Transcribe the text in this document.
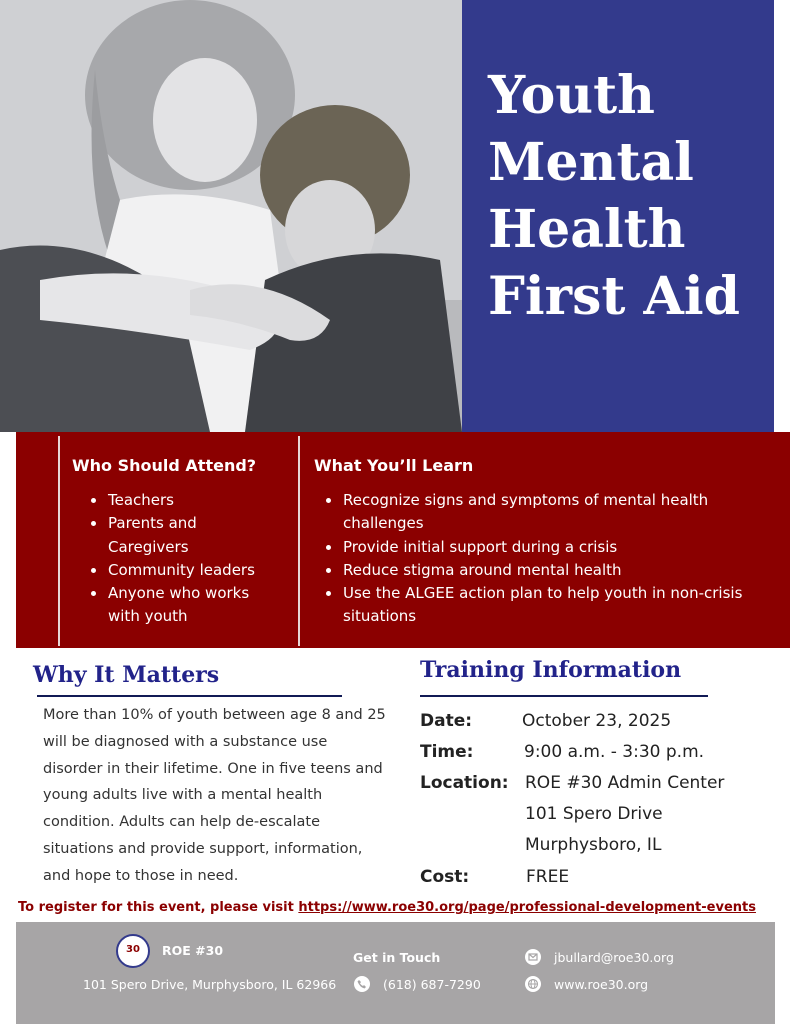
Youth
Mental
Health
First Aid
Who Should Attend?
Teachers
Parents and Caregivers
Community leaders
Anyone who works with youth
What You’ll Learn
Recognize signs and symptoms of mental health challenges
Provide initial support during a crisis
Reduce stigma around mental health
Use the ALGEE action plan to help youth in non-crisis situations
Why It Matters

More than 10% of youth between age 8 and 25 will be diagnosed with a substance use disorder in their lifetime. One in five teens and young adults live with a mental health condition. Adults can help de-escalate situations and provide support, information, and hope to those in need.

Training Information
Date:	October 23, 2025
Time:	9:00 a.m. - 3:30 p.m.
Location: ROE #30 Admin Center
101 Spero Drive
Murphysboro, IL
Cost:	FREE
To register for this event, please visit https://www.roe30.org/page/professional-development-events
30	ROE #30
101 Spero Drive, Murphysboro, IL 62966
Get in Touch
(618) 687-7290
jbullard@roe30.org
www.roe30.org
